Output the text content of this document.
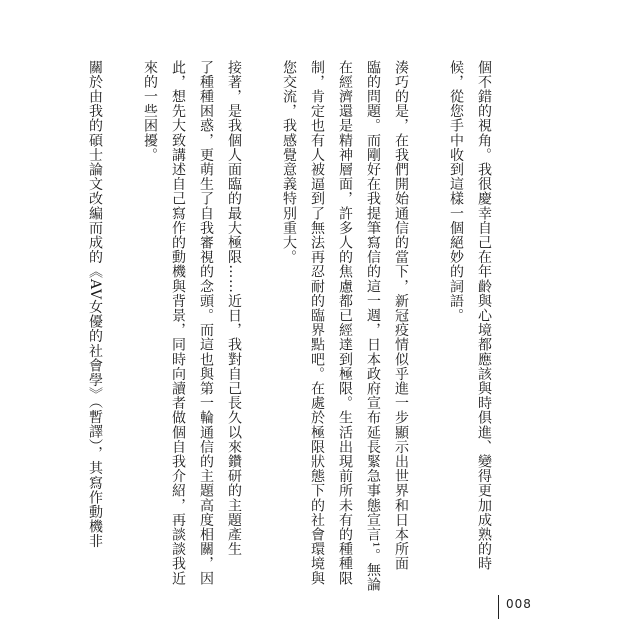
個不錯的視角。我很慶幸自己在年齡與心境都應該與時俱進、變得更加成熟的時
候，從您手中收到這樣一個絕妙的詞語。
湊巧的是，在我們開始通信的當下，新冠疫情似乎進一步顯示出世界和日本所面
臨的問題。而剛好在我提筆寫信的這一週，日本政府宣布延長緊急事態宣言¹。無論
在經濟還是精神層面，許多人的焦慮都已經達到極限。生活出現前所未有的種種限
制，肯定也有人被逼到了無法再忍耐的臨界點吧。在處於極限狀態下的社會環境與
您交流，我感覺意義特別重大。
接著，是我個人面臨的最大極限……近日，我對自己長久以來鑽研的主題產生
了種種困惑，更萌生了自我審視的念頭。而這也與第一輪通信的主題高度相關，因
此，想先大致講述自己寫作的動機與背景，同時向讀者做個自我介紹，再談談我近
來的一些困擾。
關於由我的碩士論文改編而成的《AV女優的社會學》（暫譯），其寫作動機非
008
